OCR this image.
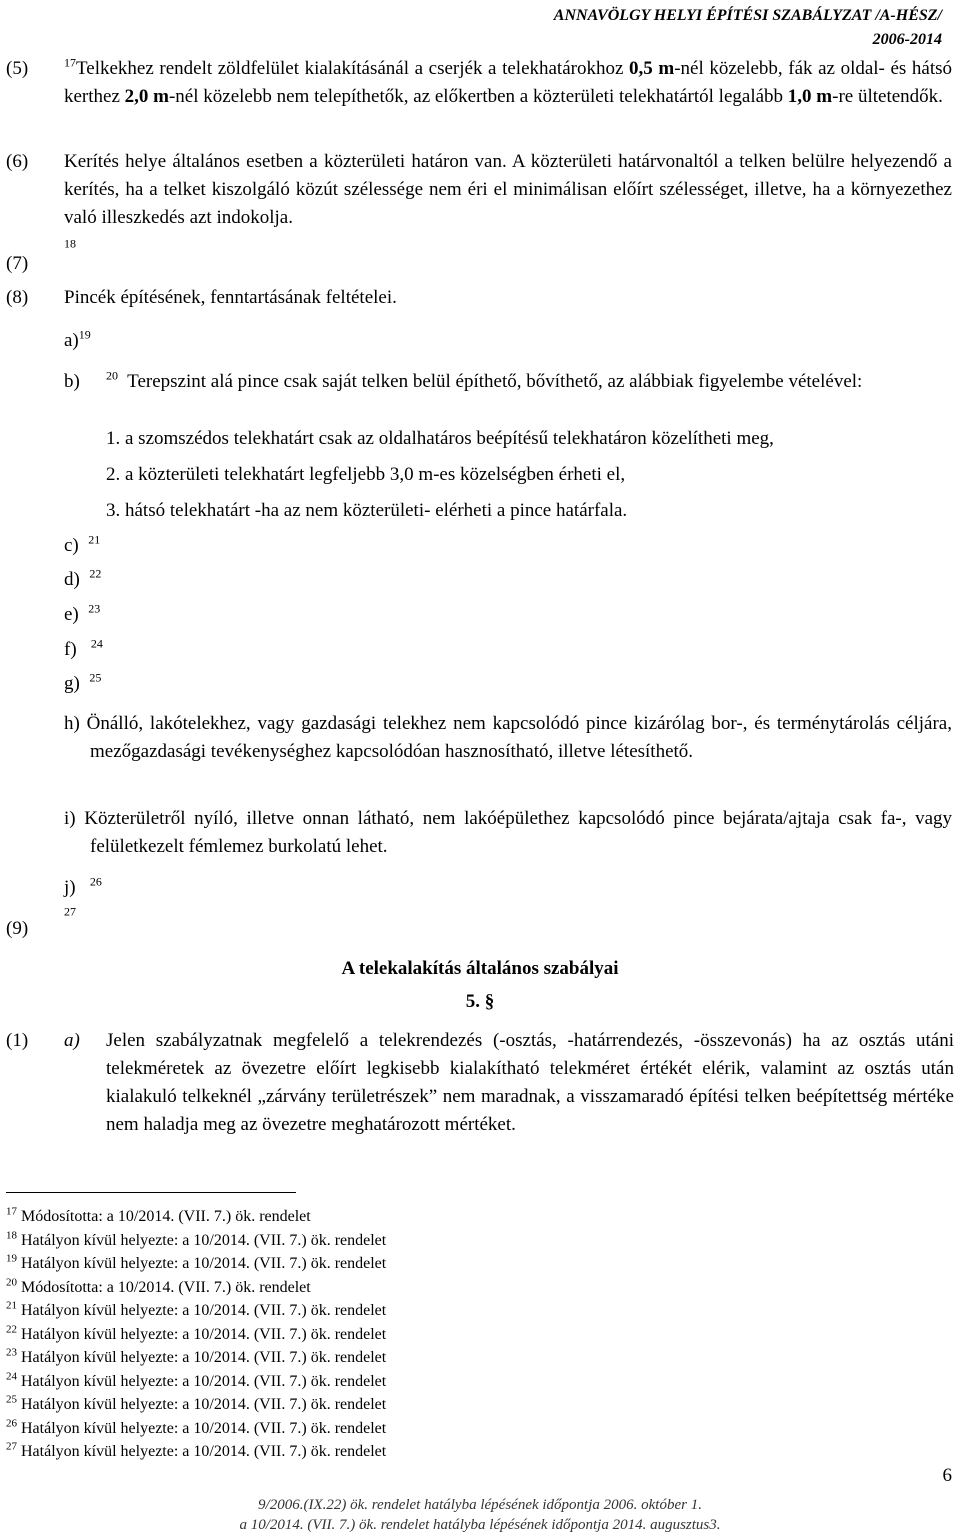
ANNAVÖLGY HELYI ÉPÍTÉSI SZABÁLYZAT /A-HÉSZ/
2006-2014
(5)	$^{17}$Telkekhez rendelt zöldfelület kialakításánál a cserjék a telekhatárokhoz 0,5 m-nél közelebb, fák az oldal- és hátsó kerthez 2,0 m-nél közelebb nem telepíthetők, az előkertben a közterületi telekhatártól legalább 1,0 m-re ültetendők.
(6) Kerítés helye általános esetben a közterületi határon van. A közterületi határvonaltól a telken belülre helyezendő a kerítés, ha a telket kiszolgáló közút szélessége nem éri el minimálisan előírt szélességet, illetve, ha a környezethez való illeszkedés azt indokolja.
(7)
$^{18}$
(8) Pincék építésének, fenntartásának feltételei.
a)$^{19}$
b) $^{20}$ Terepszint alá pince csak saját telken belül építhető, bővíthető, az alábbiak figyelembe vételével:
1. a szomszédos telekhatárt csak az oldalhatáros beépítésű telekhatáron közelítheti meg,
2. a közterületi telekhatárt legfeljebb 3,0 m-es közelségben érheti el,
3. hátsó telekhatárt -ha az nem közterületi- elérheti a pince határfala.
c) $^{21}$
d) $^{22}$
e) $^{23}$
f) $^{24}$
g) $^{25}$
h) Önálló, lakótelekhez, vagy gazdasági telekhez nem kapcsolódó pince kizárólag bor-, és terménytárolás céljára, mezőgazdasági tevékenységhez kapcsolódóan hasznosítható, illetve létesíthető.
i) Közterületről nyíló, illetve onnan látható, nem lakóépülethez kapcsolódó pince bejárata/ajtaja csak fa-, vagy felületkezelt fémlemez burkolatú lehet.
j) $^{26}$
(9)
$^{27}$
A telekalakítás általános szabályai
5. §
(1) a) Jelen szabályzatnak megfelelő a telekrendezés (-osztás, -határrendezés, -összevonás) ha az osztás utáni telekméretek az övezetre előírt legkisebb kialakítható telekméret értékét elérik, valamint az osztás után kialakuló telkeknél „zárvány területrészek” nem maradnak, a visszamaradó építési telken beépítettség mértéke nem haladja meg az övezetre meghatározott mértéket.
$^{17}$ Módosította: a 10/2014. (VII. 7.) ök. rendelet
$^{18}$ Hatályon kívül helyezte: a 10/2014. (VII. 7.) ök. rendelet
$^{19}$ Hatályon kívül helyezte: a 10/2014. (VII. 7.) ök. rendelet
$^{20}$ Módosította: a 10/2014. (VII. 7.) ök. rendelet
$^{21}$ Hatályon kívül helyezte: a 10/2014. (VII. 7.) ök. rendelet
$^{22}$ Hatályon kívül helyezte: a 10/2014. (VII. 7.) ök. rendelet
$^{23}$ Hatályon kívül helyezte: a 10/2014. (VII. 7.) ök. rendelet
$^{24}$ Hatályon kívül helyezte: a 10/2014. (VII. 7.) ök. rendelet
$^{25}$ Hatályon kívül helyezte: a 10/2014. (VII. 7.) ök. rendelet
$^{26}$ Hatályon kívül helyezte: a 10/2014. (VII. 7.) ök. rendelet
$^{27}$ Hatályon kívül helyezte: a 10/2014. (VII. 7.) ök. rendelet
6
9/2006.(IX.22) ök. rendelet hatályba lépésének időpontja 2006. október 1.
a 10/2014. (VII. 7.) ök. rendelet hatályba lépésének időpontja 2014. augusztus3.
